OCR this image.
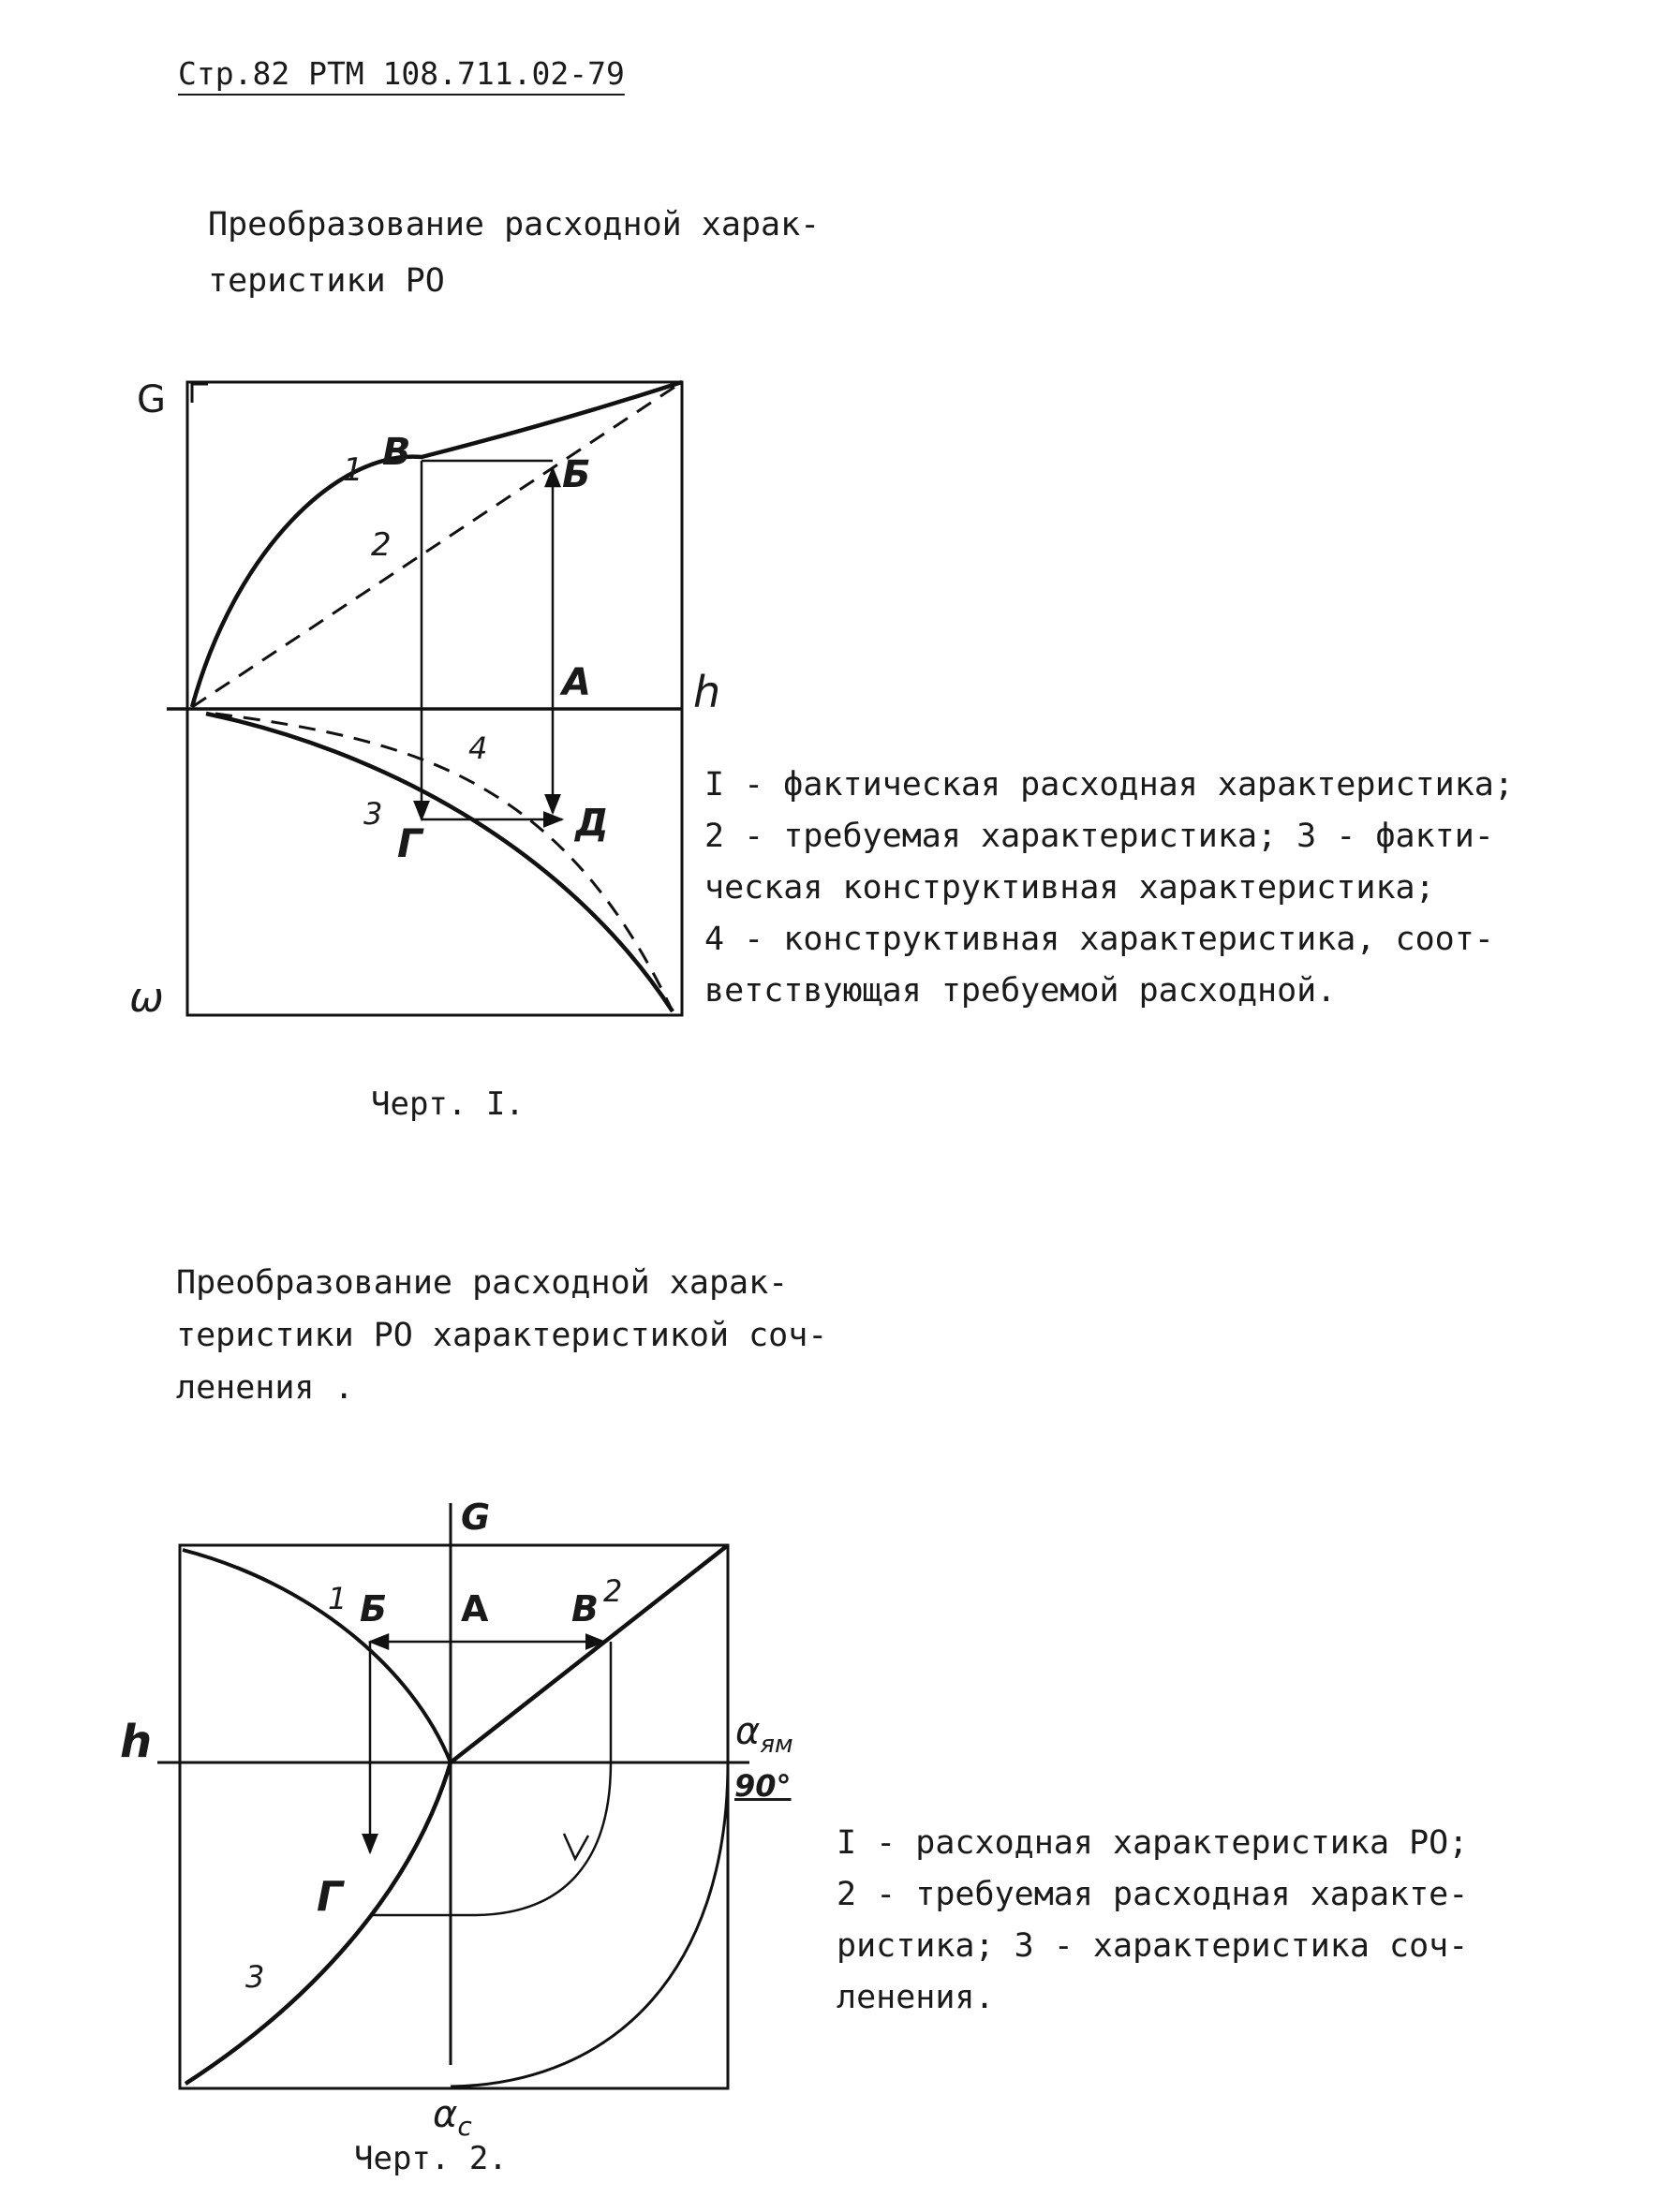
Стр.82 РТМ 108.711.02-79
Преобразование расходной харак-
теристики РО
G
h
ω
1
2
3
4
В
Б
А
Г	Д
I - фактическая расходная характеристика;
2 - требуемая характеристика; 3 - факти-
ческая конструктивная характеристика;
4 - конструктивная характеристика, соот-
ветствующая требуемой расходной.
Черт. I.
Преобразование расходной харак-
теристики РО характеристикой соч-
ленения .
G
h	$\alpha_{ям}$
90°
$\alpha_с$
1	2
3
Б А В
Г
I - расходная характеристика РО;
2 - требуемая расходная характе-
ристика; 3 - характеристика соч-
ленения.
Черт. 2.
